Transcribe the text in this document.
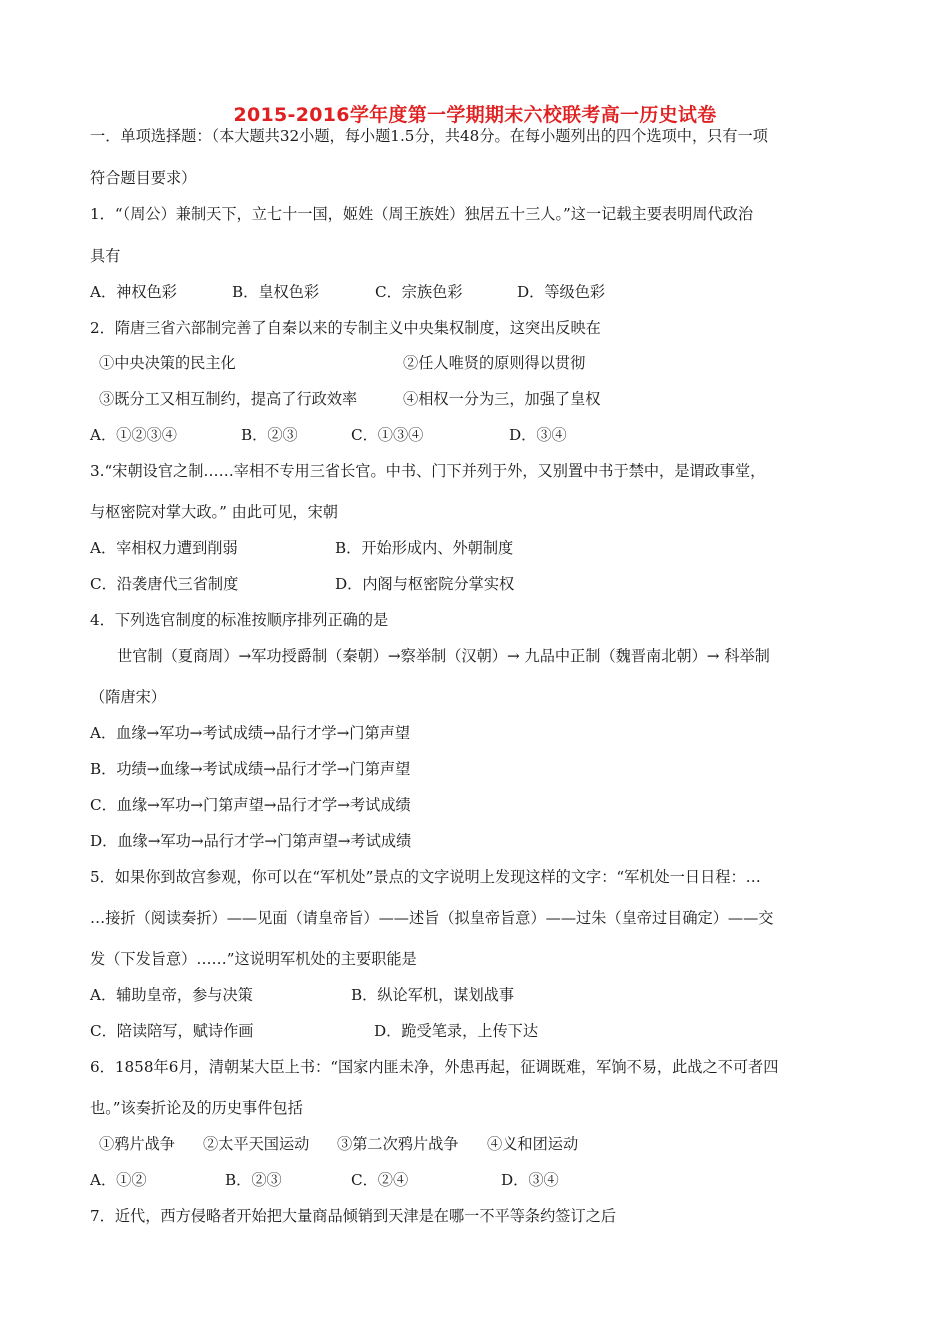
2015-2016学年度第一学期期末六校联考高一历史试卷
一．单项选择题：（本大题共32小题，每小题1.5分，共48分。在每小题列出的四个选项中，只有一项
符合题目要求）
1．“（周公）兼制天下，立七十一国，姬姓（周王族姓）独居五十三人。”这一记载主要表明周代政治
具有
A．神权色彩	B．皇权色彩	C．宗族色彩	D．等级色彩
2．隋唐三省六部制完善了自秦以来的专制主义中央集权制度，这突出反映在
①中央决策的民主化	②任人唯贤的原则得以贯彻
③既分工又相互制约，提高了行政效率	④相权一分为三，加强了皇权
A．①②③④	B．②③	C．①③④	D．③④
3.“宋朝设官之制……宰相不专用三省长官。中书、门下并列于外，又别置中书于禁中，是谓政事堂，
与枢密院对掌大政。” 由此可见，宋朝
A．宰相权力遭到削弱	B．开始形成内、外朝制度
C．沿袭唐代三省制度	D．内阁与枢密院分掌实权
4．下列选官制度的标准按顺序排列正确的是
世官制（夏商周）→军功授爵制（秦朝）→察举制（汉朝）→ 九品中正制（魏晋南北朝）→ 科举制
（隋唐宋）
A．血缘→军功→考试成绩→品行才学→门第声望
B．功绩→血缘→考试成绩→品行才学→门第声望
C．血缘→军功→门第声望→品行才学→考试成绩
D．血缘→军功→品行才学→门第声望→考试成绩
5．如果你到故宫参观，你可以在“军机处”景点的文字说明上发现这样的文字：“军机处一日日程：…
…接折（阅读奏折）——见面（请皇帝旨）——述旨（拟皇帝旨意）——过朱（皇帝过目确定）——交
发（下发旨意）……”这说明军机处的主要职能是
A．辅助皇帝，参与决策	B．纵论军机，谋划战事
C．陪读陪写，赋诗作画	D．跪受笔录，上传下达
6．1858年6月，清朝某大臣上书：“国家内匪未净，外患再起，征调既难，军饷不易，此战之不可者四
也。”该奏折论及的历史事件包括
①鸦片战争 ②太平天国运动 ③第二次鸦片战争 ④义和团运动
A．①②	B．②③	C．②④	D．③④
7．近代，西方侵略者开始把大量商品倾销到天津是在哪一不平等条约签订之后
